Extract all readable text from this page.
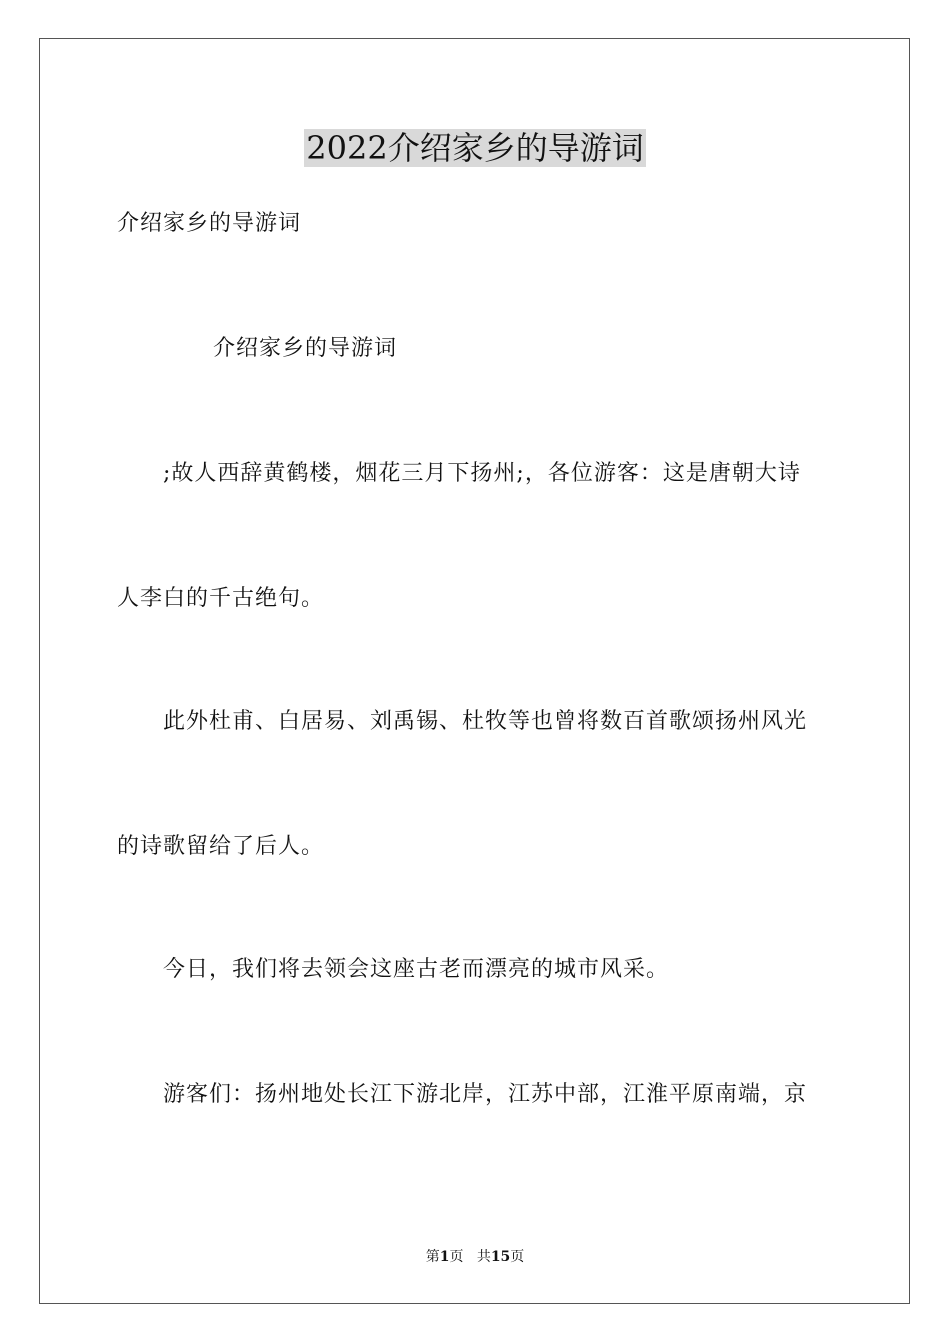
2022介绍家乡的导游词
介绍家乡的导游词
介绍家乡的导游词
;故人西辞黄鹤楼，烟花三月下扬州;，各位游客：这是唐朝大诗
人李白的千古绝句。
此外杜甫、白居易、刘禹锡、杜牧等也曾将数百首歌颂扬州风光
的诗歌留给了后人。
今日，我们将去领会这座古老而漂亮的城市风采。
游客们：扬州地处长江下游北岸，江苏中部，江淮平原南端，京
第1页 共15页
